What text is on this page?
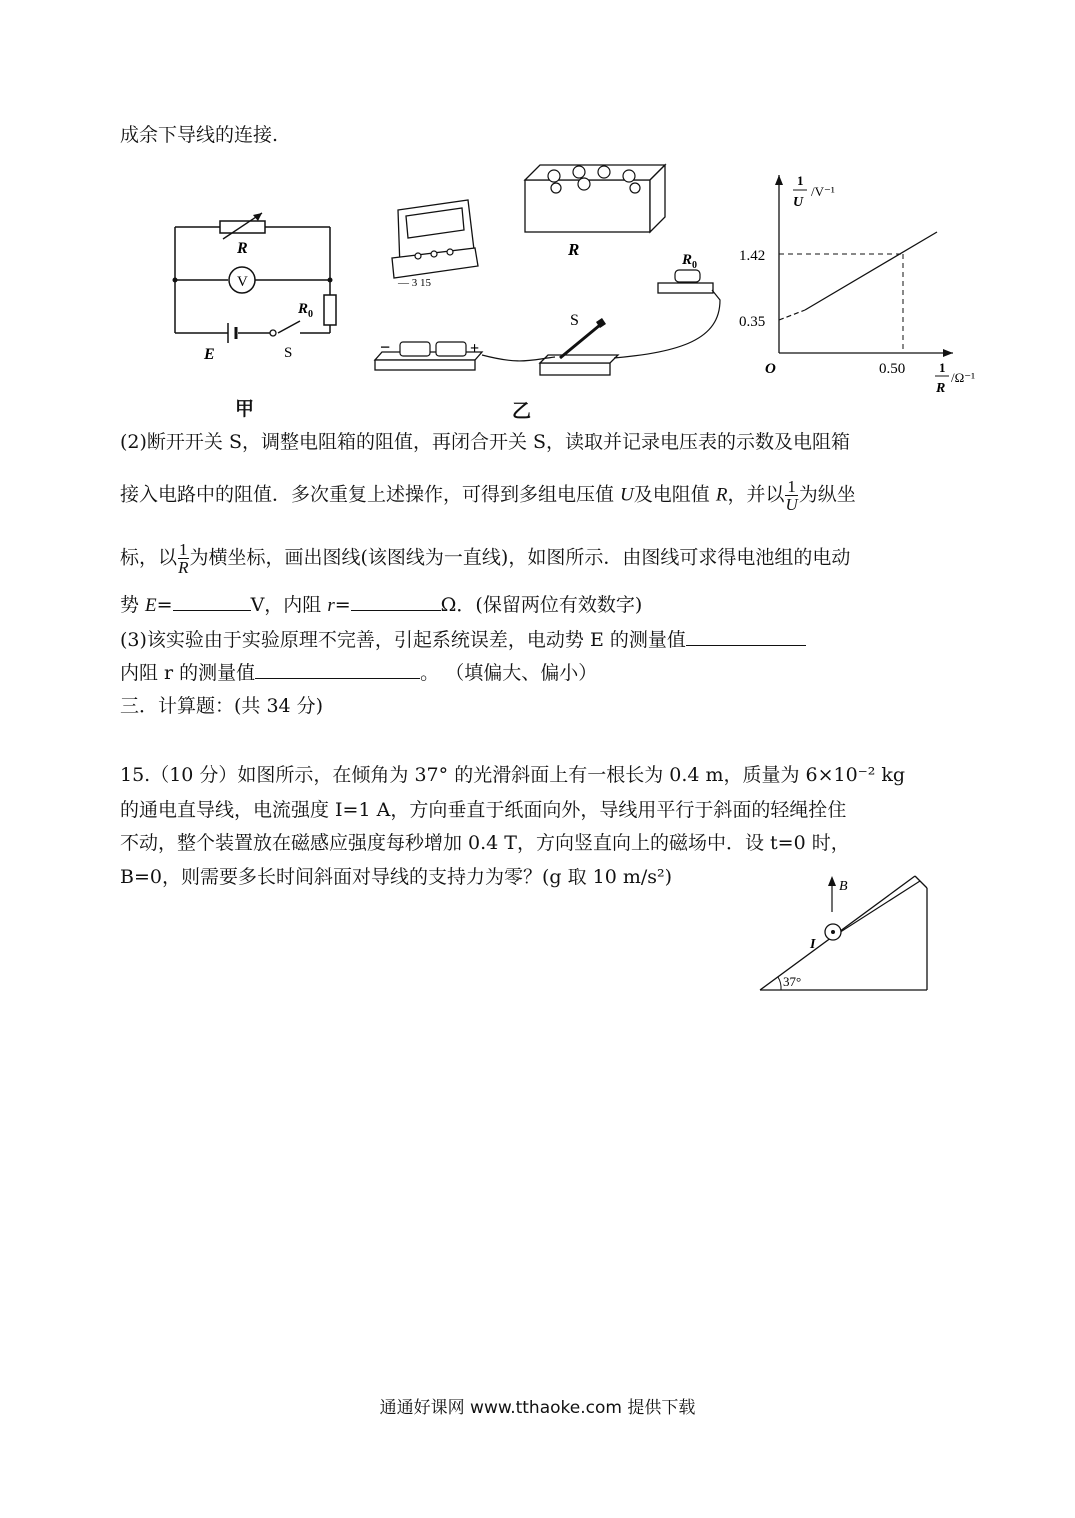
成余下导线的连接.
V
R
$R_0$
E	S
甲
— 3 15
R
$R_0$
S
−	+
乙
1
U
/V⁻¹
1.42
0.35
O	0.50	1
R
/Ω⁻¹
(2)断开开关 S，调整电阻箱的阻值，再闭合开关 S，读取并记录电压表的示数及电阻箱
接入电路中的阻值．多次重复上述操作，可得到多组电压值 U及电阻值 R，并以 $\frac{1}{U}$ 为纵坐
标，以 $\frac{1}{R}$ 为横坐标，画出图线(该图线为一直线)，如图所示．由图线可求得电池组的电动
势 E=	V，内阻 r=	Ω．(保留两位有效数字)
(3)该实验由于实验原理不完善，引起系统误差，电动势 E 的测量值
内阻 r 的测量值	。 （填偏大、偏小）
三．计算题：(共 34 分)
15.（10 分）如图所示，在倾角为 37° 的光滑斜面上有一根长为 0.4 m，质量为 6×10⁻² kg
的通电直导线，电流强度 I=1 A，方向垂直于纸面向外，导线用平行于斜面的轻绳拴住
不动，整个装置放在磁感应强度每秒增加 0.4 T，方向竖直向上的磁场中．设 t=0 时，
B=0，则需要多长时间斜面对导线的支持力为零？(g 取 10 m/s²)	B
I
37°
通通好课网 www.tthaoke.com 提供下载
